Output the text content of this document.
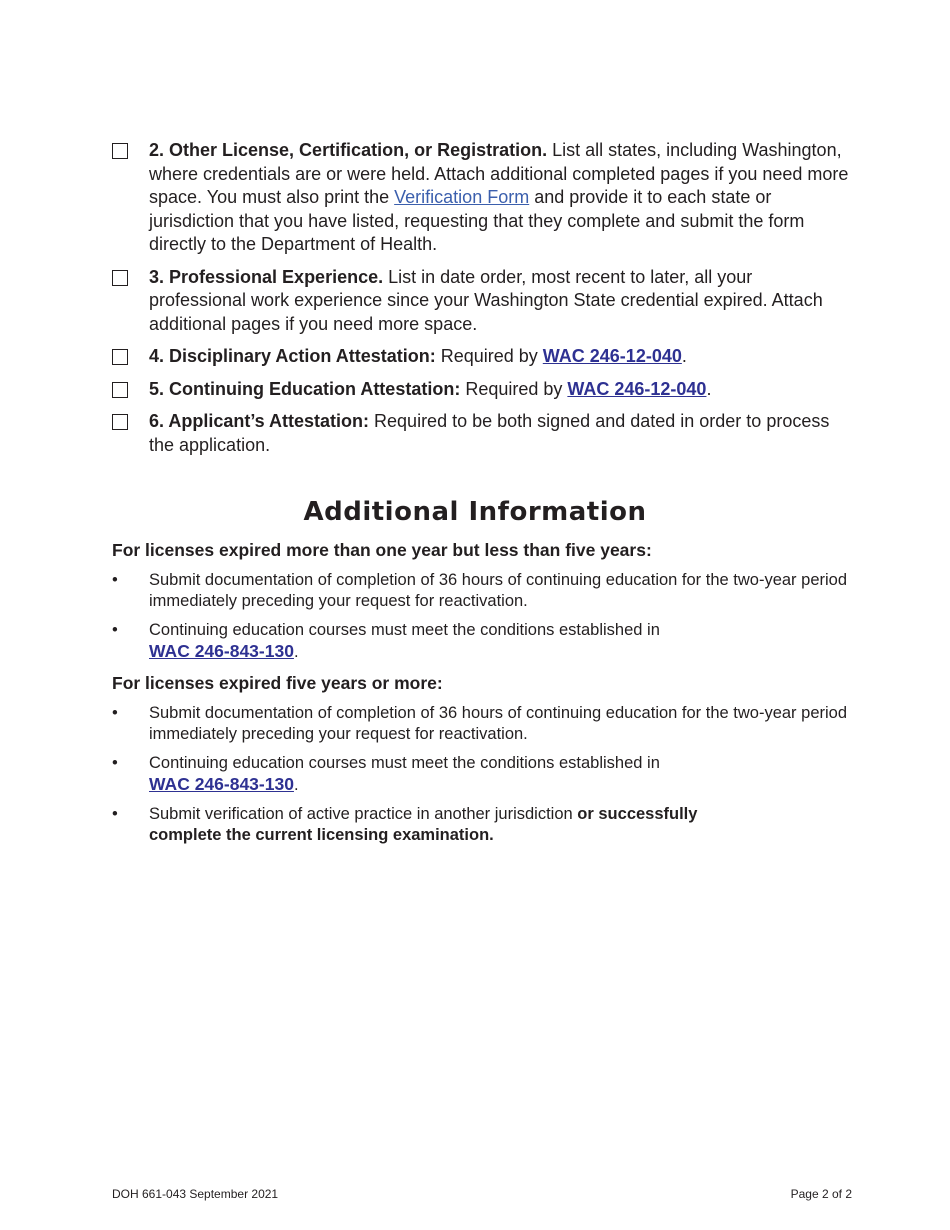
2. Other License, Certification, or Registration. List all states, including Washington, where credentials are or were held. Attach additional completed pages if you need more space. You must also print the Verification Form and provide it to each state or jurisdiction that you have listed, requesting that they complete and submit the form directly to the Department of Health.
3. Professional Experience. List in date order, most recent to later, all your professional work experience since your Washington State credential expired. Attach additional pages if you need more space.
4. Disciplinary Action Attestation: Required by WAC 246-12-040.
5. Continuing Education Attestation: Required by WAC 246-12-040.
6. Applicant’s Attestation: Required to be both signed and dated in order to process the application.
Additional Information

For licenses expired more than one year but less than five years:

• Submit documentation of completion of 36 hours of continuing education for the two-year period immediately preceding your request for reactivation.
• Continuing education courses must meet the conditions established in
WAC 246-843-130.

For licenses expired five years or more:

• Submit documentation of completion of 36 hours of continuing education for the two-year period immediately preceding your request for reactivation.
• Continuing education courses must meet the conditions established in
WAC 246-843-130.
• Submit verification of active practice in another jurisdiction or successfully complete the current licensing examination.
DOH 661-043 September 2021	Page 2 of 2
